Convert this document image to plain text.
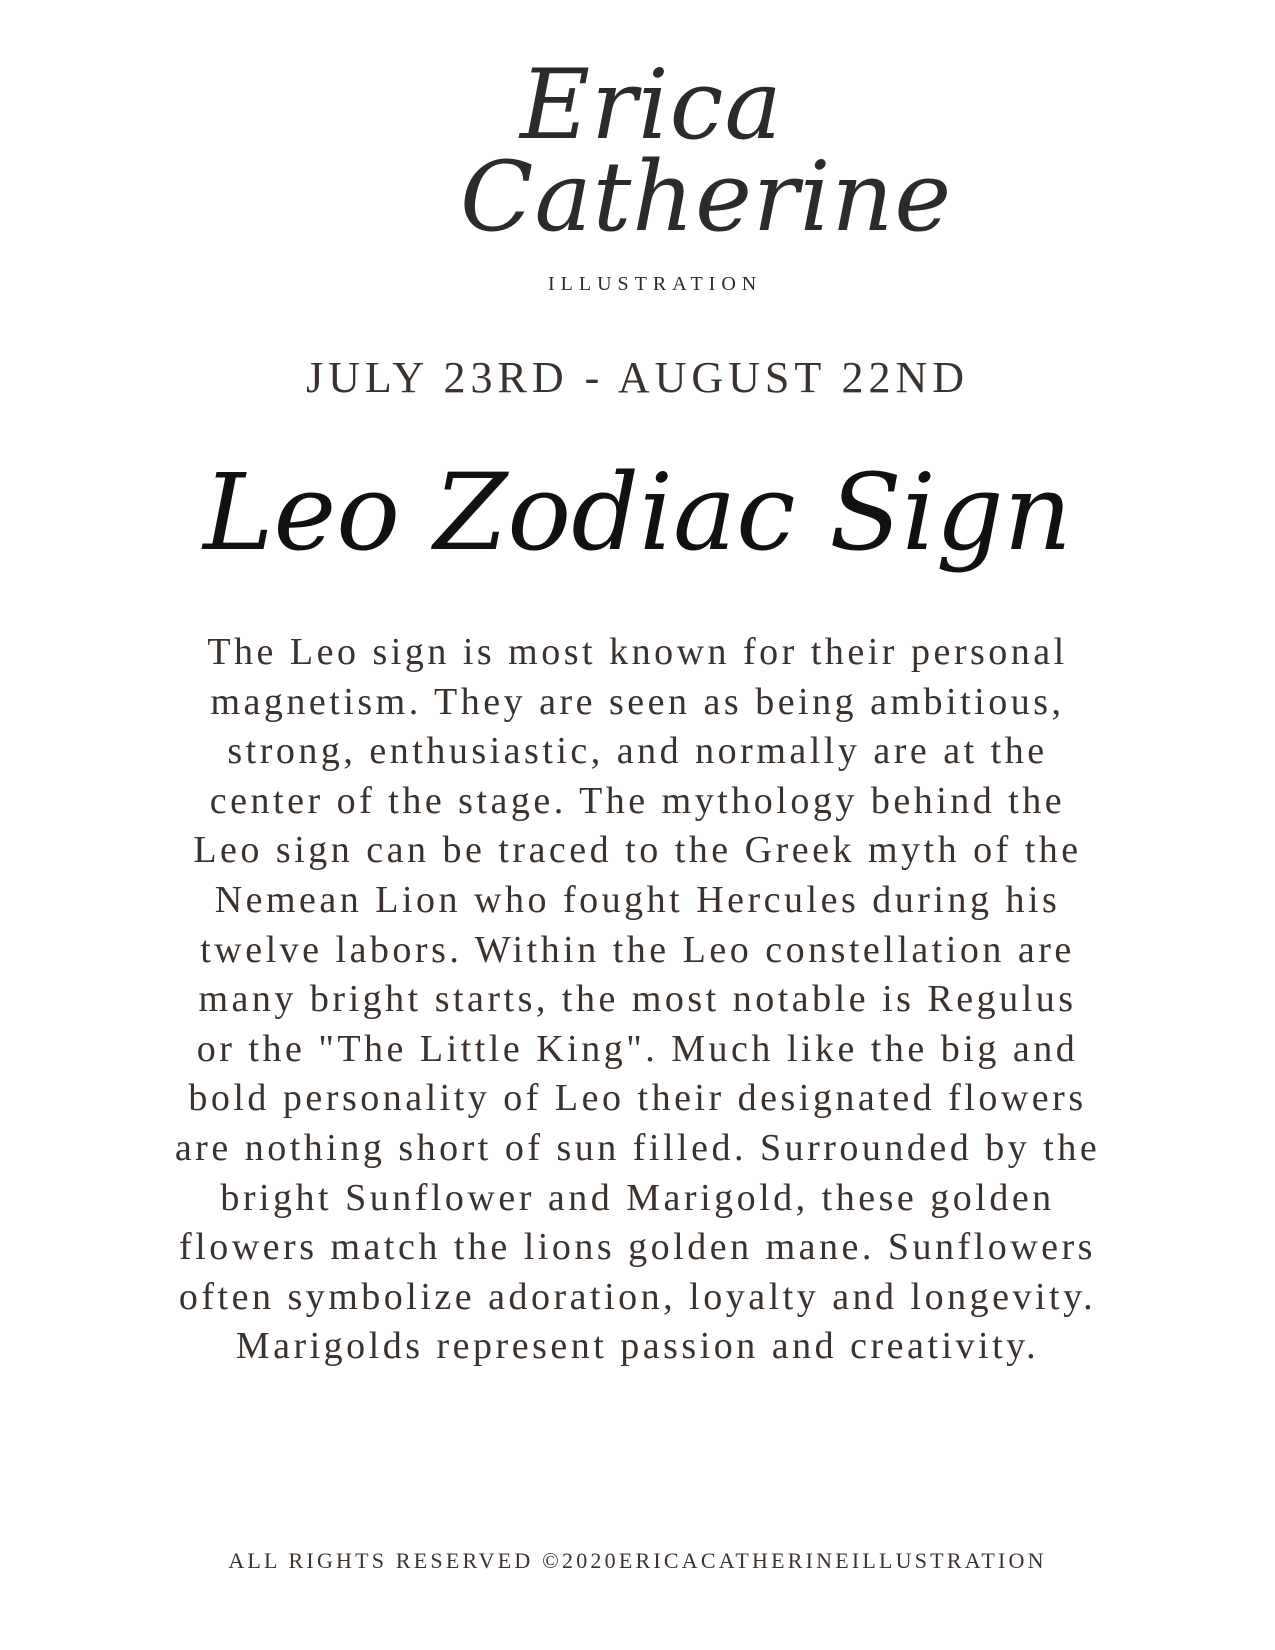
Erica
Catherine
ILLUSTRATION
JULY 23RD - AUGUST 22ND
Leo Zodiac Sign
The Leo sign is most known for their personal
magnetism. They are seen as being ambitious,
strong, enthusiastic, and normally are at the
center of the stage. The mythology behind the
Leo sign can be traced to the Greek myth of the
Nemean Lion who fought Hercules during his
twelve labors. Within the Leo constellation are
many bright starts, the most notable is Regulus
or the "The Little King". Much like the big and
bold personality of Leo their designated flowers
are nothing short of sun filled. Surrounded by the
bright Sunflower and Marigold, these golden
flowers match the lions golden mane. Sunflowers
often symbolize adoration, loyalty and longevity.
Marigolds represent passion and creativity.
ALL RIGHTS RESERVED ©2020ERICACATHERINEILLUSTRATION
